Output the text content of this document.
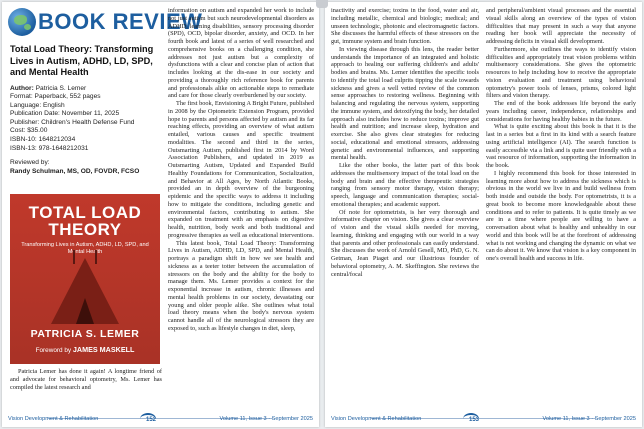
BOOK REVIEW
Total Load Theory: Transforming Lives in Autism, ADHD, LD, SPD, and Mental Health
Author: Patricia S. Lemer
Format: Paperback, 552 pages
Language: English
Publication Date: November 11, 2025
Publisher: Children's Health Defense Fund
Cost: $35.00
ISBN-10: 1648212034
ISBN-13: 978-1648212031
Reviewed by:
Randy Schulman, MS, OD, FOVDR, FCSO
TOTAL LOAD
THEORY
Transforming Lives in Autism, ADHD, LD, SPD, and Mental Health
PATRICIA S. LEMER
Foreword by JAMES MASKELL

Patricia Lemer has done it again! A longtime friend of and advocate for behavioral optometry, Ms. Lemer has compiled the latest research and

information on autism and expanded her work to include not just autism but such neurodevelopmental disorders as ADHD, learning disabilities, sensory processing disorder (SPD), OCD, bipolar disorder, anxiety, and OCD. In her fourth book and latest of a series of well researched and comprehensive books on a challenging condition, she addresses not just autism but a complexity of dysfunctions with a clear and concise plan of action that includes looking at the dis-ease in our society and providing a thoroughly rich reference book for parents and professionals alike on actionable steps to remediate and care for those clearly overburdened by our society.

The first book, Envisioning A Bright Future, published in 2008 by the Optometric Extension Program, provided hope to parents and persons affected by autism and its far reaching effects, providing an overview of what autism entailed, various causes and specific treatment modalities. The second and third in the series, Outsmarting Autism, published first in 2014 by Word Association Publishers, and updated in 2019 as Outsmarting Autism, Updated and Expanded Build Healthy Foundations for Communication, Socialization, and Behavior at All Ages, by North Atlantic Books, provided an in depth overview of the burgeoning epidemic and the specific ways to address it including how to mitigate the conditions, including genetic and environmental factors, contributing to autism. She expanded on treatment with an emphasis on digestive health, nutrition, body work and both traditional and progressive therapies as well as educational interventions.

This latest book, Total Load Theory: Transforming Lives in Autism, ADHD, LD, SPD, and Mental Health, portrays a paradigm shift in how we see health and sickness as a teeter totter between the accumulation of stressors on the body and the ability for the body to manage them. Ms. Lemer provides a context for the exponential increase in autism, chronic illnesses and mental health problems in our society, devastating our young and older people alike. She outlines what total load theory means when the body's nervous system cannot handle all of the neurological stressors they are exposed to, such as lifestyle changes in diet, sleep,

Vision Development & Rehabilitation	152	Volume 11, Issue 3 · September 2025

inactivity and exercise; toxins in the food, water and air, including metallic, chemical and biologic; medical; and unseen technologic, photonic and electromagnetic factors. She discusses the harmful effects of these stressors on the gut, immune system and brain function.

In viewing disease through this lens, the reader better understands the importance of an integrated and holistic approach to healing our suffering children's and adults' bodies and brains. Ms. Lemer identifies the specific tools to identify the total load culprits tipping the scale towards sickness and gives a well vetted review of the common sense approaches to restoring wellness. Beginning with balancing and regulating the nervous system, supporting the immune system, and detoxifying the body, her detailed approach also includes how to reduce toxins; improve gut health and nutrition; and increase sleep, hydration and exercise. She also gives clear strategies for reducing social, educational and emotional stressors, addressing genetic and environmental influences, and supporting mental health.

Like the other books, the latter part of this book addresses the multisensory impact of the total load on the body and brain and the effective therapeutic strategies ranging from sensory motor therapy, vision therapy; speech, language and communication therapies; social-emotional therapies; and academic support.

Of note for optometrists, is her very thorough and informative chapter on vision. She gives a clear overview of vision and the visual skills needed for moving, learning, thinking and engaging with our world in a way that parents and other professionals can easily understand. She discusses the work of Arnold Gesell, MD, PhD, G. N. Getman, Jean Piaget and our illustrious founder of behavioral optometry, A. M. Skeffington. She reviews the central/focal

and peripheral/ambient visual processes and the essential visual skills along an overview of the types of vision difficulties that may present in such a way that anyone reading her book will appreciate the necessity of addressing deficits in visual skill development.

Furthermore, she outlines the ways to identify vision difficulties and appropriately treat vision problems within multisensory considerations. She gives the optometric resources to help including how to receive the appropriate vision evaluation and treatment using behavioral optometry's power tools of lenses, prisms, colored light filters and vision therapy.

The end of the book addresses life beyond the early years including career, independence, relationships and considerations for having healthy babies in the future.

What is quite exciting about this book is that it is the last in a series but a first in its kind with a search feature using artificial intelligence (AI). The search function is easily accessible via a link and is quite user friendly with a vast resource of information, supporting the information in the book.

I highly recommend this book for those interested in learning more about how to address the sickness which is obvious in the world we live in and build wellness from both inside and outside the body. For optometrists, it is a great book to become more knowledgeable about these conditions and to refer to patients. It is quite timely as we are in a time where people are willing to have a conversation about what is healthy and unhealthy in our world and this book will be at the forefront of addressing what is not working and changing the dynamic on what we can do about it. We know that vision is a key component in one's overall health and success in life.

Vision Development & Rehabilitation	153	Volume 11, Issue 3 · September 2025
